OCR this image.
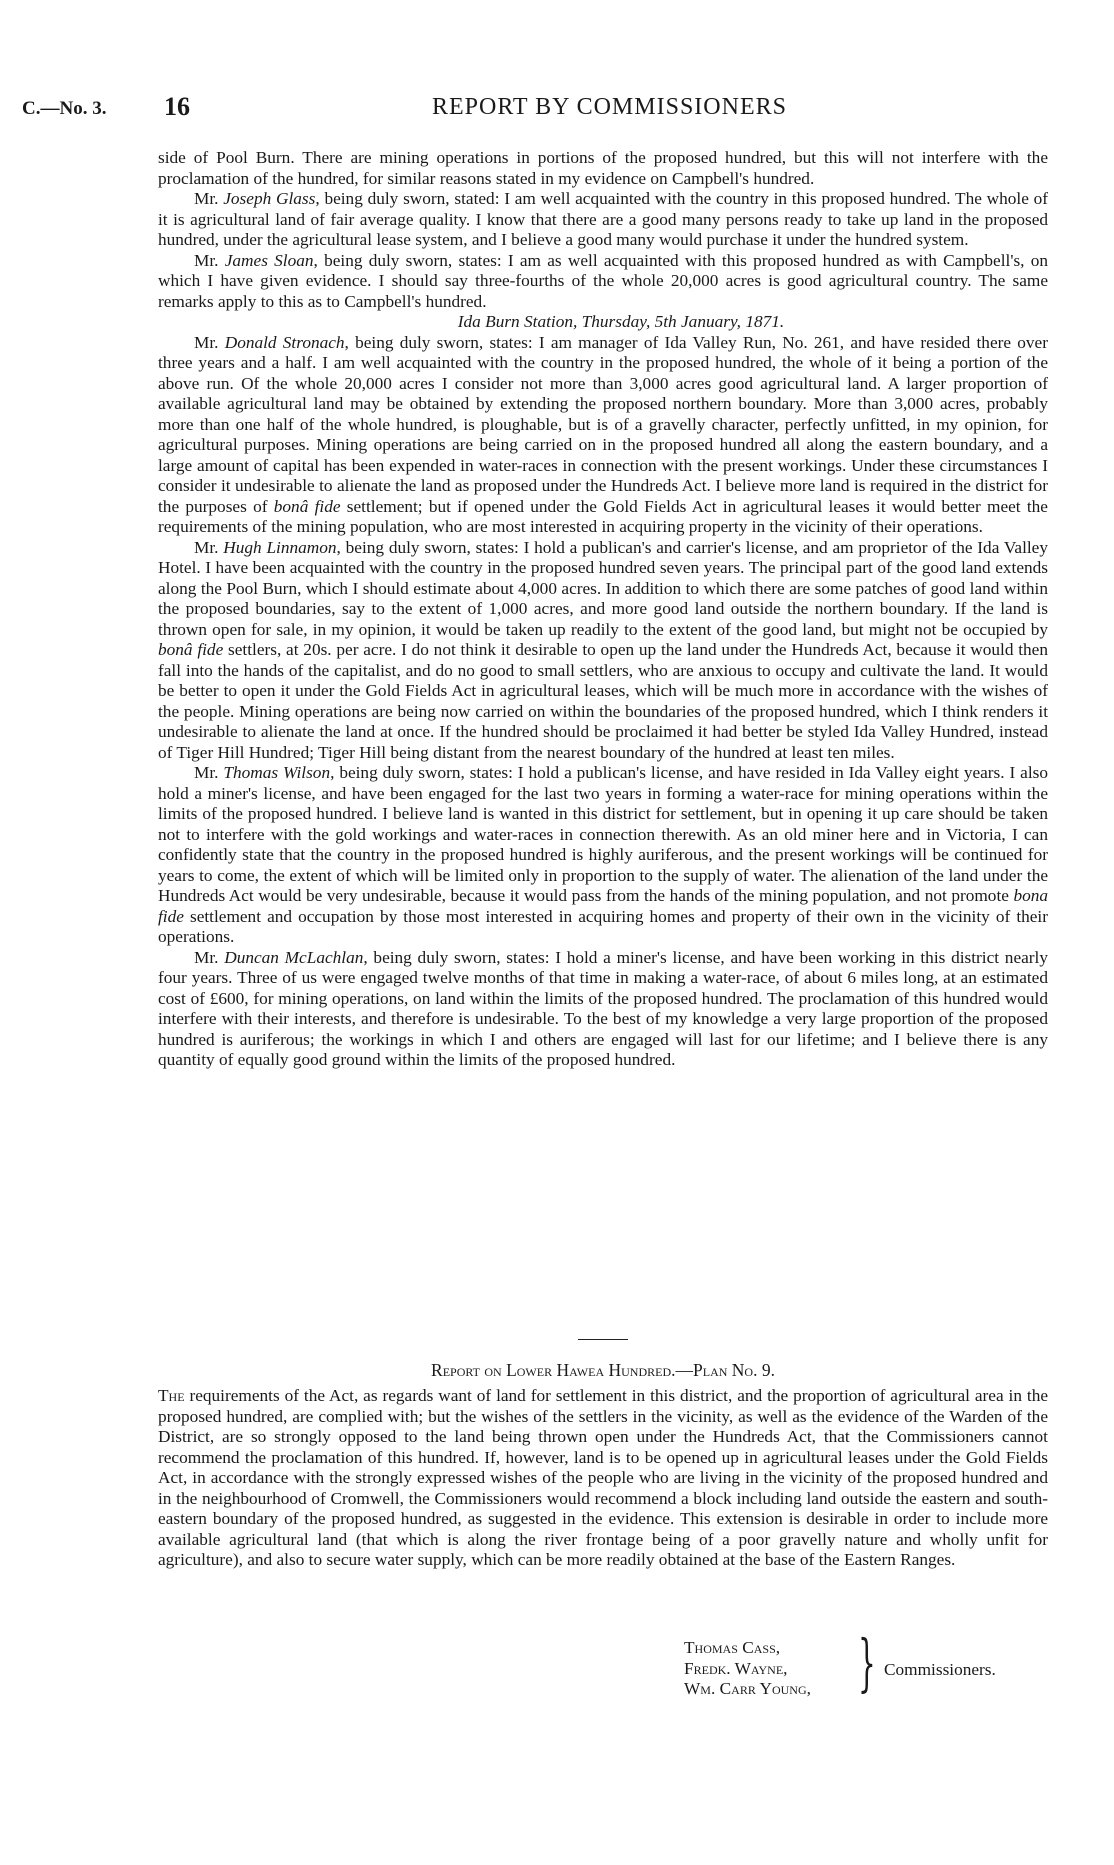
C.—No. 3. 16	REPORT BY COMMISSIONERS

side of Pool Burn. There are mining operations in portions of the proposed hundred, but this will not interfere with the proclamation of the hundred, for similar reasons stated in my evidence on Campbell's hundred.

Mr. Joseph Glass, being duly sworn, stated: I am well acquainted with the country in this proposed hundred. The whole of it is agricultural land of fair average quality. I know that there are a good many persons ready to take up land in the proposed hundred, under the agricultural lease system, and I believe a good many would purchase it under the hundred system.

Mr. James Sloan, being duly sworn, states: I am as well acquainted with this proposed hundred as with Campbell's, on which I have given evidence. I should say three-fourths of the whole 20,000 acres is good agricultural country. The same remarks apply to this as to Campbell's hundred.

Ida Burn Station, Thursday, 5th January, 1871.

Mr. Donald Stronach, being duly sworn, states: I am manager of Ida Valley Run, No. 261, and have resided there over three years and a half. I am well acquainted with the country in the proposed hundred, the whole of it being a portion of the above run. Of the whole 20,000 acres I consider not more than 3,000 acres good agricultural land. A larger proportion of available agricultural land may be obtained by extending the proposed northern boundary. More than 3,000 acres, probably more than one half of the whole hundred, is ploughable, but is of a gravelly character, perfectly unfitted, in my opinion, for agricultural purposes. Mining operations are being carried on in the proposed hundred all along the eastern boundary, and a large amount of capital has been expended in water-races in connection with the present workings. Under these circumstances I consider it undesirable to alienate the land as proposed under the Hundreds Act. I believe more land is required in the district for the purposes of bonâ fide settlement; but if opened under the Gold Fields Act in agricultural leases it would better meet the requirements of the mining population, who are most interested in acquiring property in the vicinity of their operations.

Mr. Hugh Linnamon, being duly sworn, states: I hold a publican's and carrier's license, and am proprietor of the Ida Valley Hotel. I have been acquainted with the country in the proposed hundred seven years. The principal part of the good land extends along the Pool Burn, which I should estimate about 4,000 acres. In addition to which there are some patches of good land within the proposed boundaries, say to the extent of 1,000 acres, and more good land outside the northern boundary. If the land is thrown open for sale, in my opinion, it would be taken up readily to the extent of the good land, but might not be occupied by bonâ fide settlers, at 20s. per acre. I do not think it desirable to open up the land under the Hundreds Act, because it would then fall into the hands of the capitalist, and do no good to small settlers, who are anxious to occupy and cultivate the land. It would be better to open it under the Gold Fields Act in agricultural leases, which will be much more in accordance with the wishes of the people. Mining operations are being now carried on within the boundaries of the proposed hundred, which I think renders it undesirable to alienate the land at once. If the hundred should be proclaimed it had better be styled Ida Valley Hundred, instead of Tiger Hill Hundred; Tiger Hill being distant from the nearest boundary of the hundred at least ten miles.

Mr. Thomas Wilson, being duly sworn, states: I hold a publican's license, and have resided in Ida Valley eight years. I also hold a miner's license, and have been engaged for the last two years in forming a water-race for mining operations within the limits of the proposed hundred. I believe land is wanted in this district for settlement, but in opening it up care should be taken not to interfere with the gold workings and water-races in connection therewith. As an old miner here and in Victoria, I can confidently state that the country in the proposed hundred is highly auriferous, and the present workings will be continued for years to come, the extent of which will be limited only in proportion to the supply of water. The alienation of the land under the Hundreds Act would be very undesirable, because it would pass from the hands of the mining population, and not promote bona fide settlement and occupation by those most interested in acquiring homes and property of their own in the vicinity of their operations.

Mr. Duncan McLachlan, being duly sworn, states: I hold a miner's license, and have been working in this district nearly four years. Three of us were engaged twelve months of that time in making a water-race, of about 6 miles long, at an estimated cost of £600, for mining operations, on land within the limits of the proposed hundred. The proclamation of this hundred would interfere with their interests, and therefore is undesirable. To the best of my knowledge a very large proportion of the proposed hundred is auriferous; the workings in which I and others are engaged will last for our lifetime; and I believe there is any quantity of equally good ground within the limits of the proposed hundred.

Report on Lower Hawea Hundred.—Plan No. 9.

The requirements of the Act, as regards want of land for settlement in this district, and the proportion of agricultural area in the proposed hundred, are complied with; but the wishes of the settlers in the vicinity, as well as the evidence of the Warden of the District, are so strongly opposed to the land being thrown open under the Hundreds Act, that the Commissioners cannot recommend the proclamation of this hundred. If, however, land is to be opened up in agricultural leases under the Gold Fields Act, in accordance with the strongly expressed wishes of the people who are living in the vicinity of the proposed hundred and in the neighbourhood of Cromwell, the Commissioners would recommend a block including land outside the eastern and south-eastern boundary of the proposed hundred, as suggested in the evidence. This extension is desirable in order to include more available agricultural land (that which is along the river frontage being of a poor gravelly nature and wholly unfit for agriculture), and also to secure water supply, which can be more readily obtained at the base of the Eastern Ranges.

Thomas Cass,
Fredk. Wayne,
Wm. Carr Young, } Commissioners.
